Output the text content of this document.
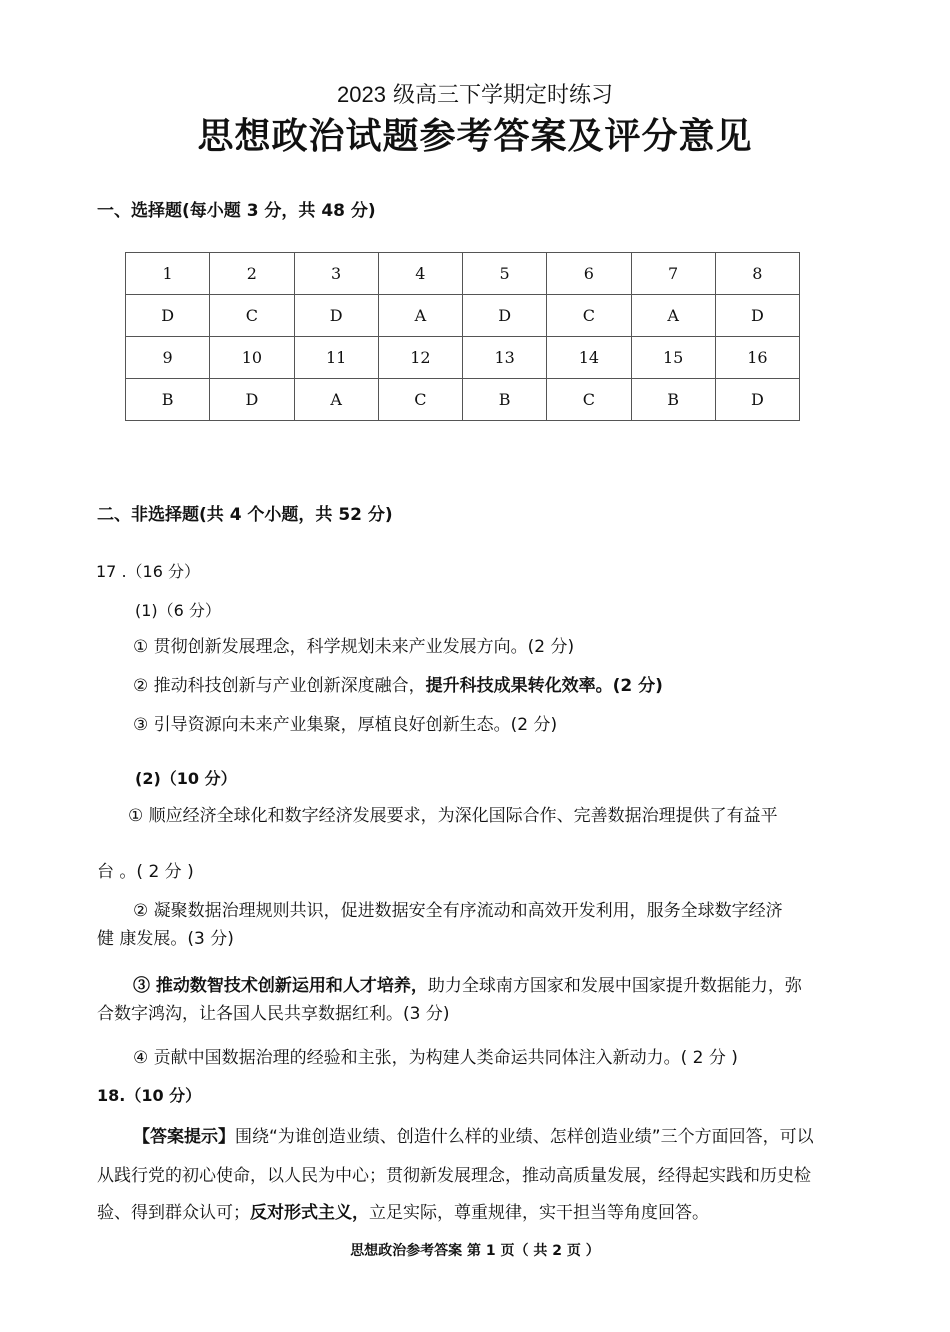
2023 级高三下学期定时练习
思想政治试题参考答案及评分意见
一、选择题(每小题 3 分，共 48 分)
1	2	3	4	5	6	7	8
D	C	D	A	D	C	A	D
9	10	11	12	13	14	15	16
B	D	A	C	B	C	B	D
二、非选择题(共 4 个小题，共 52 分)
17 .（16 分）
(1)（6 分）
① 贯彻创新发展理念，科学规划未来产业发展方向。(2 分)
② 推动科技创新与产业创新深度融合，提升科技成果转化效率。(2 分)
③ 引导资源向未来产业集聚，厚植良好创新生态。(2 分)
(2)（10 分）
① 顺应经济全球化和数字经济发展要求，为深化国际合作、完善数据治理提供了有益平
台 。( 2 分 )
② 凝聚数据治理规则共识，促进数据安全有序流动和高效开发利用，服务全球数字经济
健 康发展。(3 分)
③ 推动数智技术创新运用和人才培养，助力全球南方国家和发展中国家提升数据能力，弥
合数字鸿沟，让各国人民共享数据红利。(3 分)
④ 贡献中国数据治理的经验和主张，为构建人类命运共同体注入新动力。( 2 分 )
18.（10 分）
【答案提示】围绕“为谁创造业绩、创造什么样的业绩、怎样创造业绩”三个方面回答，可以
从践行党的初心使命，以人民为中心；贯彻新发展理念，推动高质量发展，经得起实践和历史检
验、得到群众认可；反对形式主义，立足实际，尊重规律，实干担当等角度回答。
思想政治参考答案 第 1 页（ 共 2 页 ）
